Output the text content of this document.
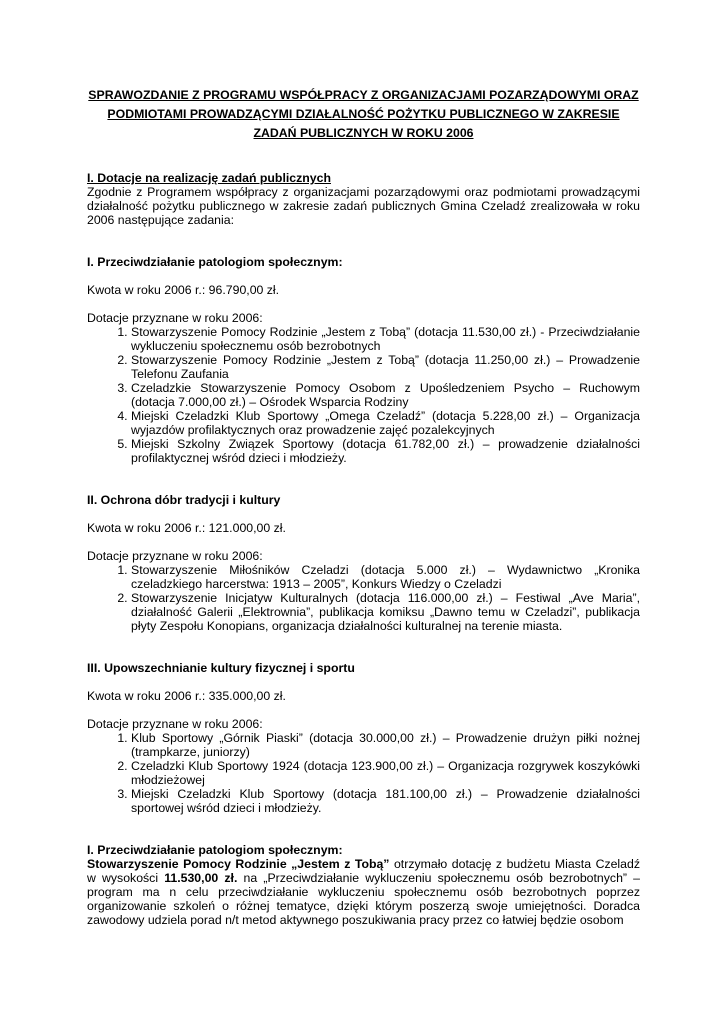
SPRAWOZDANIE Z PROGRAMU WSPÓŁPRACY Z ORGANIZACJAMI POZARZĄDOWYMI ORAZ
PODMIOTAMI PROWADZĄCYMI DZIAŁALNOŚĆ POŻYTKU PUBLICZNEGO W ZAKRESIE
ZADAŃ PUBLICZNYCH W ROKU 2006

I. Dotacje na realizację zadań publicznych

Zgodnie z Programem współpracy z organizacjami pozarządowymi oraz podmiotami prowadzącymi działalność pożytku publicznego w zakresie zadań publicznych Gmina Czeladź zrealizowała w roku 2006 następujące zadania:

I. Przeciwdziałanie patologiom społecznym:

Kwota w roku 2006 r.: 96.790,00 zł.

Dotacje przyznane w roku 2006:

1. Stowarzyszenie Pomocy Rodzinie „Jestem z Tobą” (dotacja 11.530,00 zł.) - Przeciwdziałanie wykluczeniu społecznemu osób bezrobotnych
2. Stowarzyszenie Pomocy Rodzinie „Jestem z Tobą” (dotacja 11.250,00 zł.) – Prowadzenie Telefonu Zaufania
3. Czeladzkie Stowarzyszenie Pomocy Osobom z Upośledzeniem Psycho – Ruchowym (dotacja 7.000,00 zł.) – Ośrodek Wsparcia Rodziny
4. Miejski Czeladzki Klub Sportowy „Omega Czeladź” (dotacja 5.228,00 zł.) – Organizacja wyjazdów profilaktycznych oraz prowadzenie zajęć pozalekcyjnych
5. Miejski Szkolny Związek Sportowy (dotacja 61.782,00 zł.) – prowadzenie działalności profilaktycznej wśród dzieci i młodzieży.

II. Ochrona dóbr tradycji i kultury

Kwota w roku 2006 r.: 121.000,00 zł.

Dotacje przyznane w roku 2006:

1. Stowarzyszenie Miłośników Czeladzi (dotacja 5.000 zł.) – Wydawnictwo „Kronika czeladzkiego harcerstwa: 1913 – 2005”, Konkurs Wiedzy o Czeladzi
2. Stowarzyszenie Inicjatyw Kulturalnych (dotacja 116.000,00 zł.) – Festiwal „Ave Maria”, działalność Galerii „Elektrownia”, publikacja komiksu „Dawno temu w Czeladzi”, publikacja płyty Zespołu Konopians, organizacja działalności kulturalnej na terenie miasta.

III. Upowszechnianie kultury fizycznej i sportu

Kwota w roku 2006 r.: 335.000,00 zł.

Dotacje przyznane w roku 2006:

1. Klub Sportowy „Górnik Piaski” (dotacja 30.000,00 zł.) – Prowadzenie drużyn piłki nożnej (trampkarze, juniorzy)
2. Czeladzki Klub Sportowy 1924 (dotacja 123.900,00 zł.) – Organizacja rozgrywek koszykówki młodzieżowej
3. Miejski Czeladzki Klub Sportowy (dotacja 181.100,00 zł.) – Prowadzenie działalności sportowej wśród dzieci i młodzieży.

I. Przeciwdziałanie patologiom społecznym:

Stowarzyszenie Pomocy Rodzinie „Jestem z Tobą” otrzymało dotację z budżetu Miasta Czeladź w wysokości 11.530,00 zł. na „Przeciwdziałanie wykluczeniu społecznemu osób bezrobotnych” – program ma n celu przeciwdziałanie wykluczeniu społecznemu osób bezrobotnych poprzez organizowanie szkoleń o różnej tematyce, dzięki którym poszerzą swoje umiejętności. Doradca zawodowy udziela porad n/t metod aktywnego poszukiwania pracy przez co łatwiej będzie osobom
